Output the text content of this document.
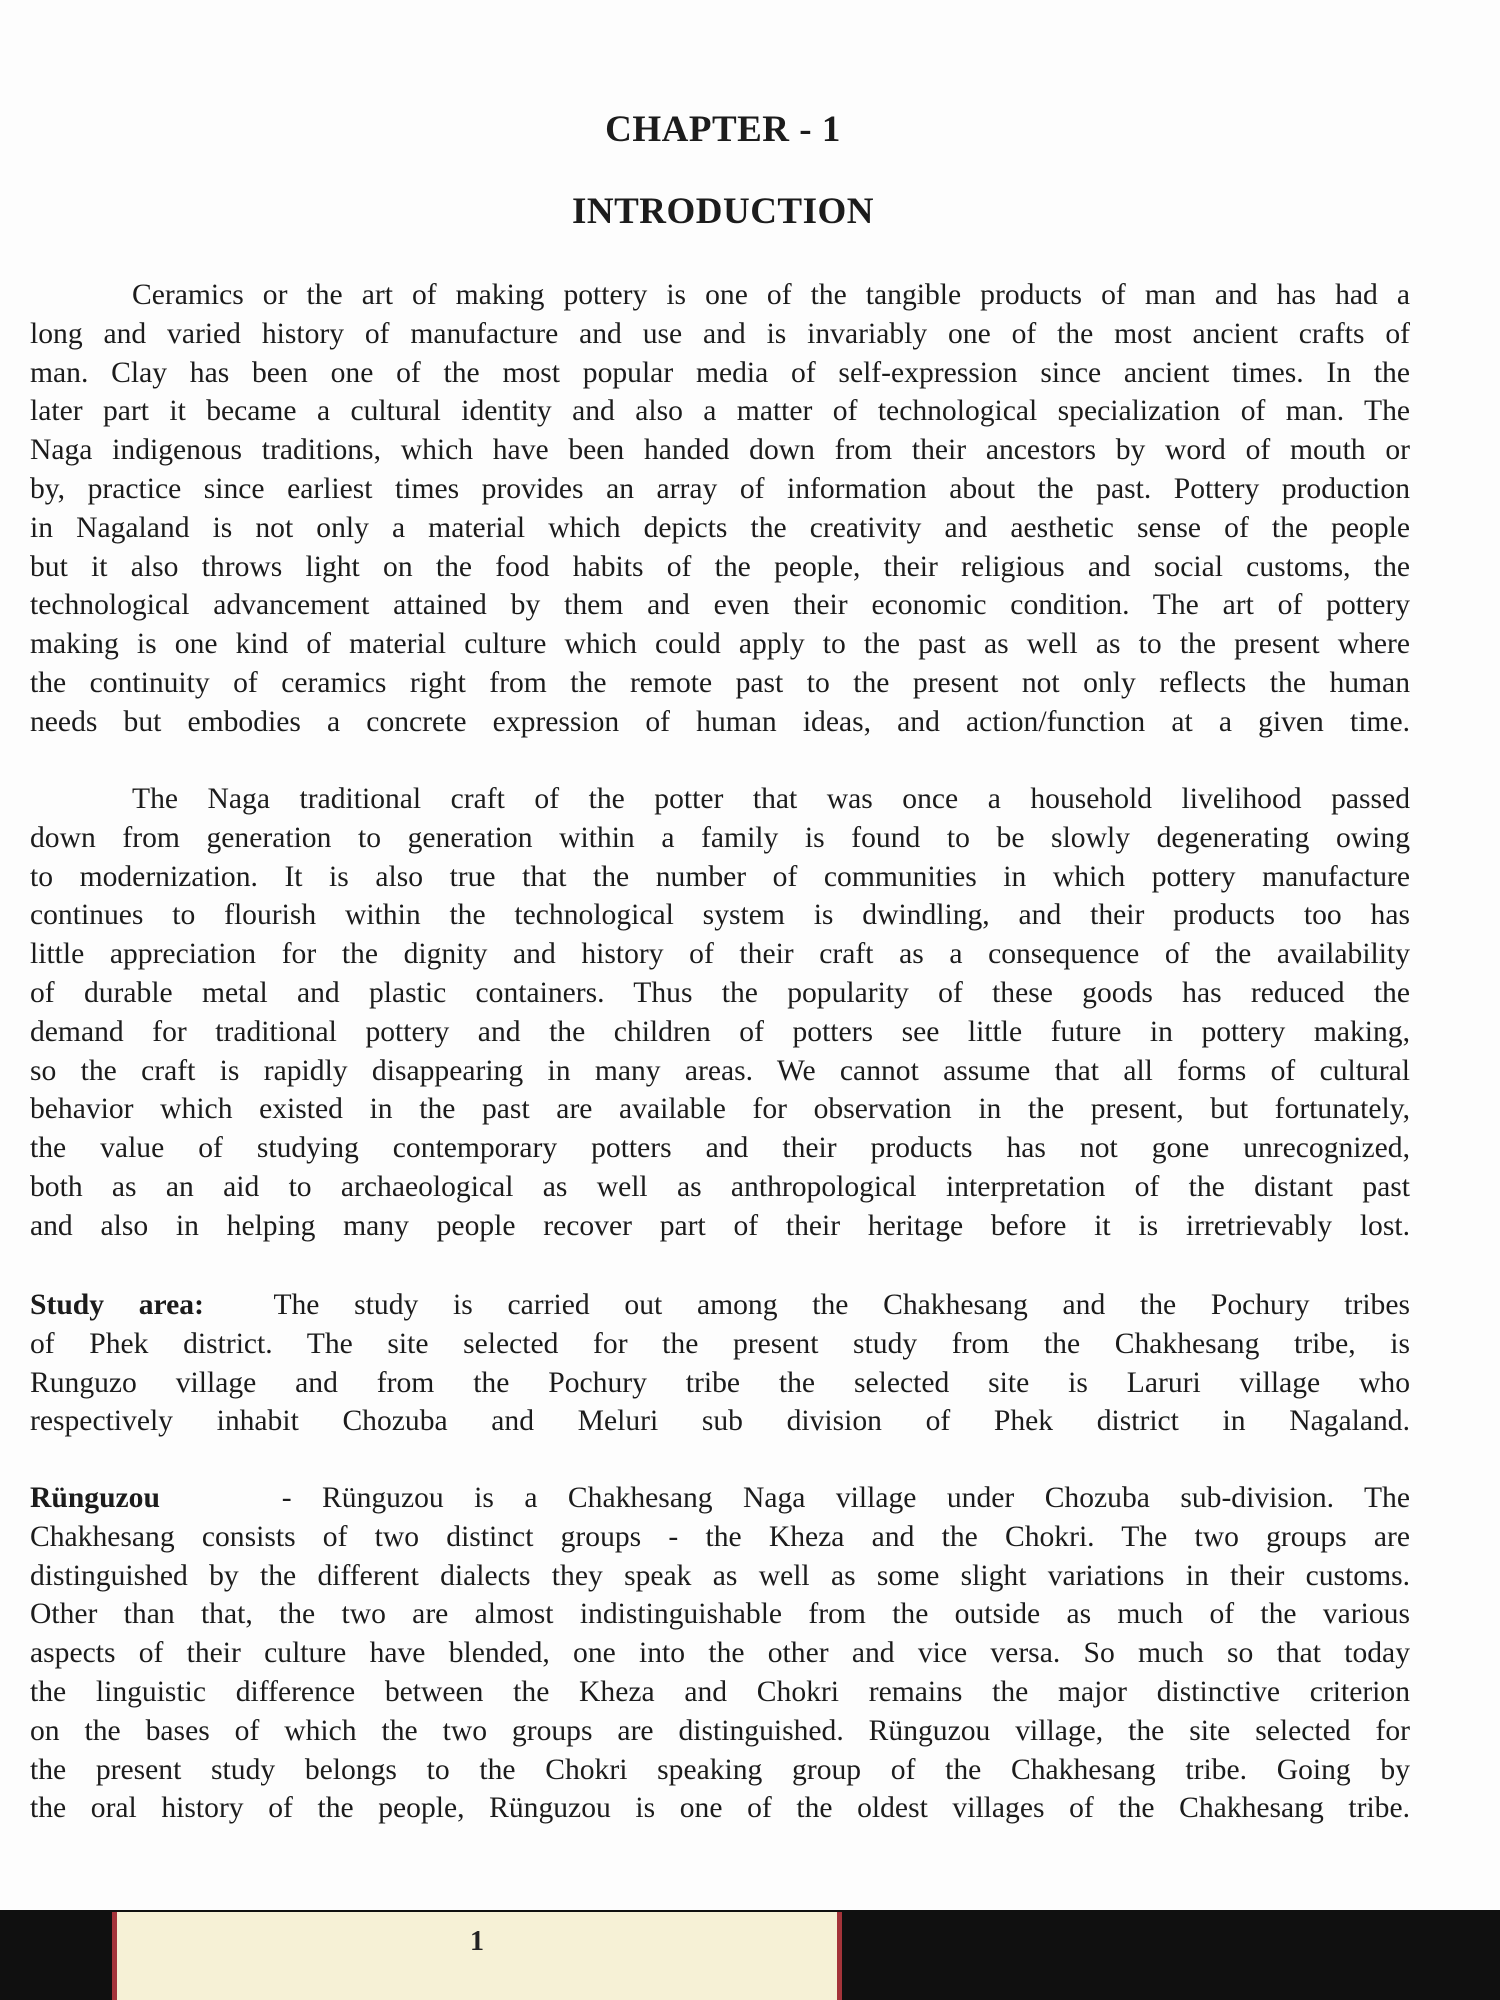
CHAPTER - 1
INTRODUCTION
Ceramics or the art of making pottery is one of the tangible products of man and has had a
long and varied history of manufacture and use and is invariably one of the most ancient crafts of
man. Clay has been one of the most popular media of self-expression since ancient times. In the
later part it became a cultural identity and also a matter of technological specialization of man. The
Naga indigenous traditions, which have been handed down from their ancestors by word of mouth or
by, practice since earliest times provides an array of information about the past. Pottery production
in Nagaland is not only a material which depicts the creativity and aesthetic sense of the people
but it also throws light on the food habits of the people, their religious and social customs, the
technological advancement attained by them and even their economic condition. The art of pottery
making is one kind of material culture which could apply to the past as well as to the present where
the continuity of ceramics right from the remote past to the present not only reflects the human
needs but embodies a concrete expression of human ideas, and action/function at a given time.
The Naga traditional craft of the potter that was once a household livelihood passed
down from generation to generation within a family is found to be slowly degenerating owing
to modernization. It is also true that the number of communities in which pottery manufacture
continues to flourish within the technological system is dwindling, and their products too has
little appreciation for the dignity and history of their craft as a consequence of the availability
of durable metal and plastic containers. Thus the popularity of these goods has reduced the
demand for traditional pottery and the children of potters see little future in pottery making,
so the craft is rapidly disappearing in many areas. We cannot assume that all forms of cultural
behavior which existed in the past are available for observation in the present, but fortunately,
the value of studying contemporary potters and their products has not gone unrecognized,
both as an aid to archaeological as well as anthropological interpretation of the distant past
and also in helping many people recover part of their heritage before it is irretrievably lost.
Study area: The study is carried out among the Chakhesang and the Pochury tribes
of Phek district. The site selected for the present study from the Chakhesang tribe, is
Runguzo village and from the Pochury tribe the selected site is Laruri village who
respectively inhabit Chozuba and Meluri sub division of Phek district in Nagaland.
Rünguzou	- Rünguzou is a Chakhesang Naga village under Chozuba sub-division. The
Chakhesang consists of two distinct groups - the Kheza and the Chokri. The two groups are
distinguished by the different dialects they speak as well as some slight variations in their customs.
Other than that, the two are almost indistinguishable from the outside as much of the various
aspects of their culture have blended, one into the other and vice versa. So much so that today
the linguistic difference between the Kheza and Chokri remains the major distinctive criterion
on the bases of which the two groups are distinguished. Rünguzou village, the site selected for
the present study belongs to the Chokri speaking group of the Chakhesang tribe. Going by
the oral history of the people, Rünguzou is one of the oldest villages of the Chakhesang tribe.
1
